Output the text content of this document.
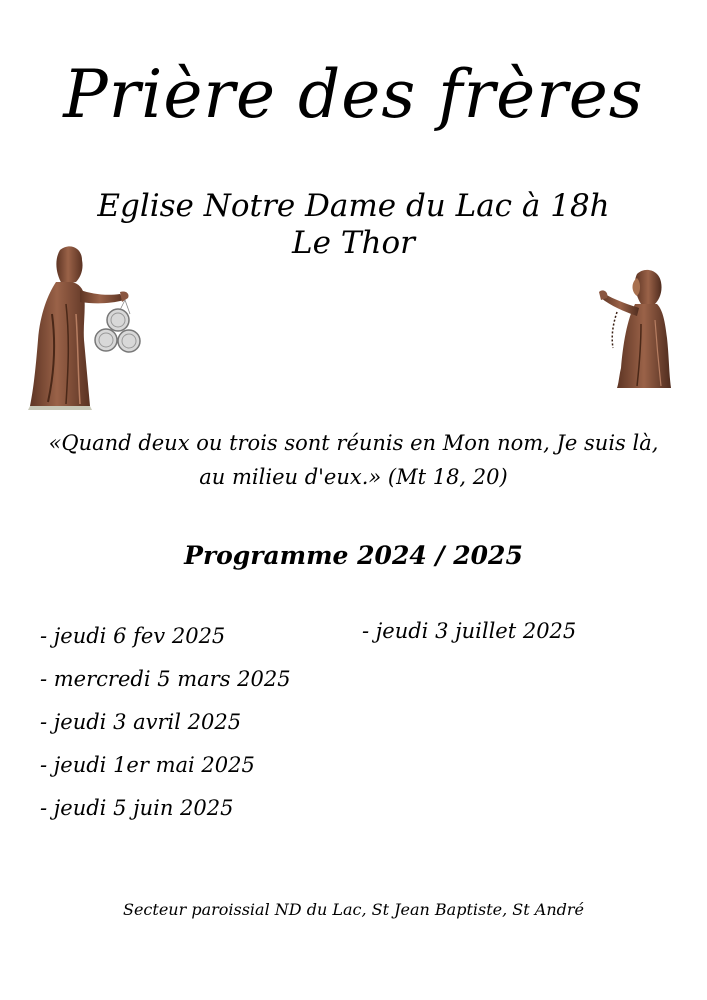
Prière des frères
Eglise Notre Dame du Lac à 18h
Le Thor
«Quand deux ou trois sont réunis en Mon nom, Je suis là,
au milieu d'eux.» (Mt 18, 20)
Programme 2024 / 2025
- jeudi 6 fev 2025
- mercredi 5 mars 2025
- jeudi 3 avril 2025
- jeudi 1er mai 2025
- jeudi 5 juin 2025
- jeudi 3 juillet 2025
Secteur paroissial ND du Lac, St Jean Baptiste, St André
